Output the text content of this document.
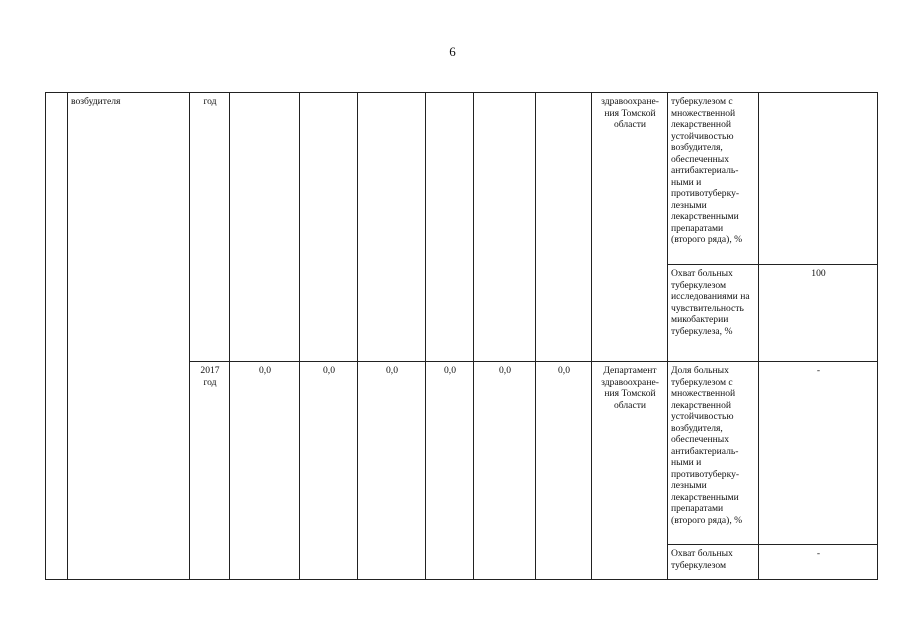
6
	возбудителя	год							здравоохране-ния Томской области	туберкулезом с множественной лекарственной устойчивостью возбудителя, обеспеченных антибактериаль-ными и противотуберку-лезными лекарственными препаратами (второго ряда), %	
										Охват больных туберкулезом исследованиями на чувствительность микобактерии туберкулеза, %	100
		2017 год	0,0	0,0	0,0	0,0	0,0	0,0	Департамент здравоохране-ния Томской области	Доля больных туберкулезом с множественной лекарственной устойчивостью возбудителя, обеспеченных антибактериаль-ными и противотуберку-лезными лекарственными препаратами (второго ряда), %	-
										Охват больных туберкулезом	-
